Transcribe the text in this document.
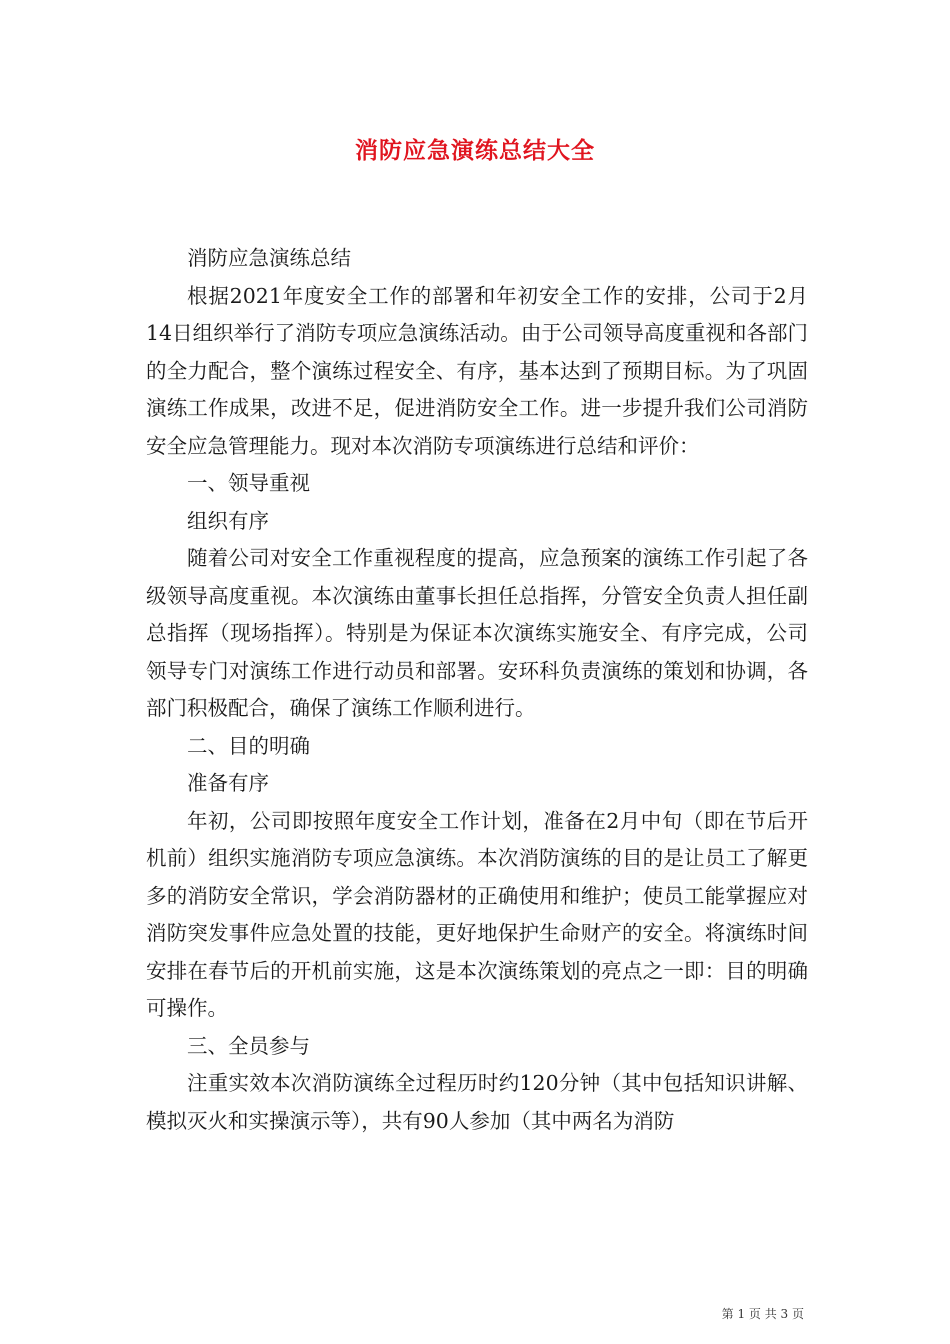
消防应急演练总结大全

消防应急演练总结

根据2021年度安全工作的部署和年初安全工作的安排，公司于2月14日组织举行了消防专项应急演练活动。由于公司领导高度重视和各部门的全力配合，整个演练过程安全、有序，基本达到了预期目标。为了巩固演练工作成果，改进不足，促进消防安全工作。进一步提升我们公司消防安全应急管理能力。现对本次消防专项演练进行总结和评价：

一、领导重视

组织有序

随着公司对安全工作重视程度的提高，应急预案的演练工作引起了各级领导高度重视。本次演练由董事长担任总指挥，分管安全负责人担任副总指挥（现场指挥）。特别是为保证本次演练实施安全、有序完成，公司领导专门对演练工作进行动员和部署。安环科负责演练的策划和协调，各部门积极配合，确保了演练工作顺利进行。

二、目的明确

准备有序

年初，公司即按照年度安全工作计划，准备在2月中旬（即在节后开机前）组织实施消防专项应急演练。本次消防演练的目的是让员工了解更多的消防安全常识，学会消防器材的正确使用和维护；使员工能掌握应对消防突发事件应急处置的技能，更好地保护生命财产的安全。将演练时间安排在春节后的开机前实施，这是本次演练策划的亮点之一即：目的明确可操作。

三、全员参与

注重实效本次消防演练全过程历时约120分钟（其中包括知识讲解、模拟灭火和实操演示等），共有90人参加（其中两名为消防

第 1 页 共 3 页
